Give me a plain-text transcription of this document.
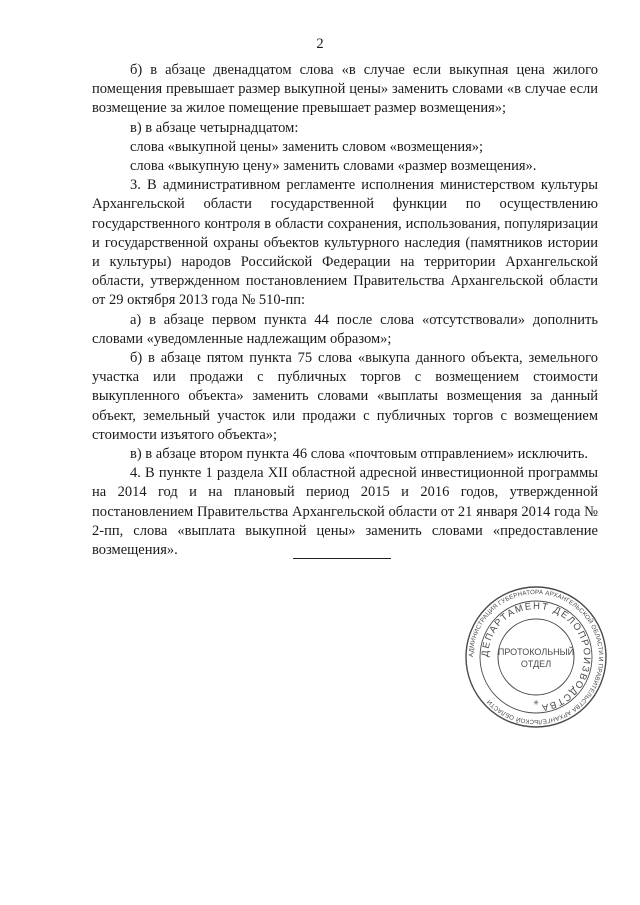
2

б) в абзаце двенадцатом слова «в случае если выкупная цена жилого помещения превышает размер выкупной цены» заменить словами «в случае если возмещение за жилое помещение превышает размер возмещения»;

в) в абзаце четырнадцатом:

слова «выкупной цены» заменить словом «возмещения»;

слова «выкупную цену» заменить словами «размер возмещения».

3. В административном регламенте исполнения министерством культуры Архангельской области государственной функции по осуществлению государственного контроля в области сохранения, использования, популяризации и государственной охраны объектов культурного наследия (памятников истории и культуры) народов Российской Федерации на территории Архангельской области, утвержденном постановлением Правительства Архангельской области от 29 октября 2013 года № 510-пп:

а) в абзаце первом пункта 44 после слова «отсутствовали» дополнить словами «уведомленные надлежащим образом»;

б) в абзаце пятом пункта 75 слова «выкупа данного объекта, земельного участка или продажи с публичных торгов с возмещением стоимости выкупленного объекта» заменить словами «выплаты возмещения за данный объект, земельный участок или продажи с публичных торгов с возмещением стоимости изъятого объекта»;

в) в абзаце втором пункта 46 слова «почтовым отправлением» исключить.

4. В пункте 1 раздела XII областной адресной инвестиционной программы на 2014 год и на плановый период 2015 и 2016 годов, утвержденной постановлением Правительства Архангельской области от 21 января 2014 года № 2-пп, слова «выплата выкупной цены» заменить словами «предоставление возмещения».

АДМИНИСТРАЦИЯ ГУБЕРНАТОРА АРХАНГЕЛЬСКОЙ ОБЛАСТИ И ПРАВИТЕЛЬСТВА АРХАНГЕЛЬСКОЙ ОБЛАСТИ
ДЕПАРТАМЕНТ ДЕЛОПРОИЗВОДСТВА
ПРОТОКОЛЬНЫЙ
ОТДЕЛ
✳
